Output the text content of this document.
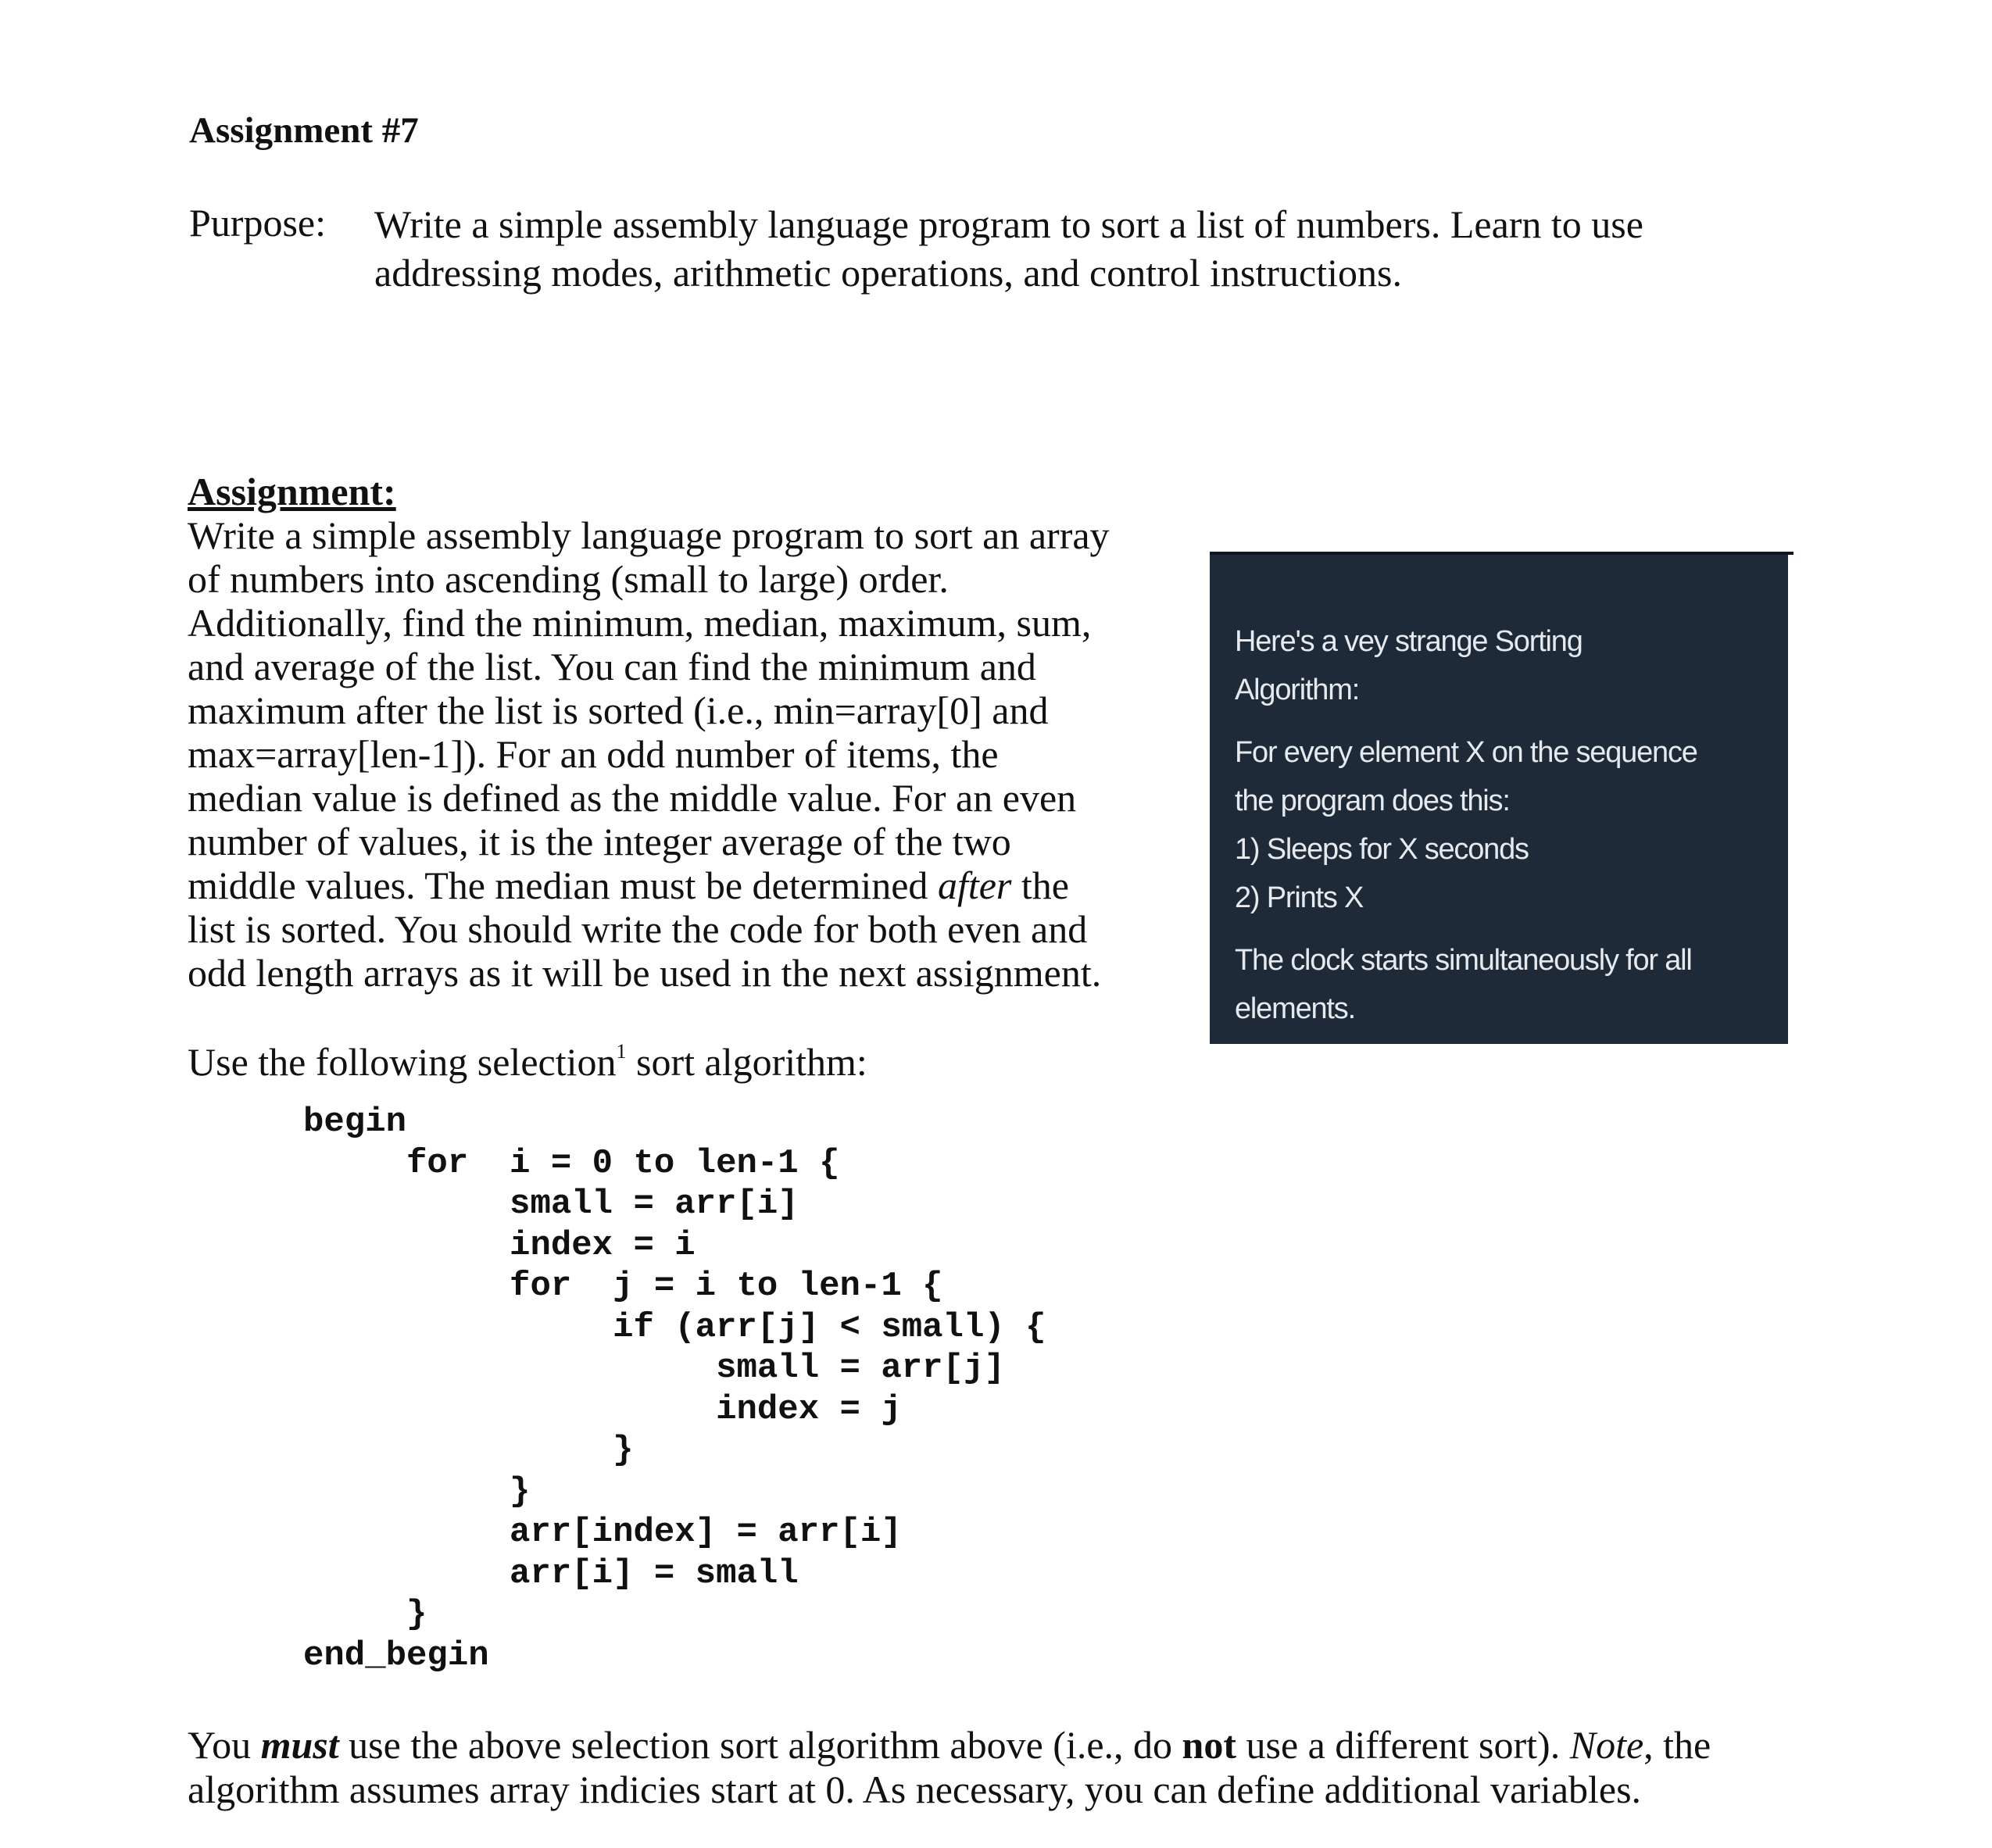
Assignment #7
Purpose: Write a simple assembly language program to sort a list of numbers. Learn to use
addressing modes, arithmetic operations, and control instructions.
Assignment:
Write a simple assembly language program to sort an array
of numbers into ascending (small to large) order.
Additionally, find the minimum, median, maximum, sum,
and average of the list. You can find the minimum and
maximum after the list is sorted (i.e., min=array[0] and
max=array[len-1]). For an odd number of items, the
median value is defined as the middle value. For an even
number of values, it is the integer average of the two
middle values. The median must be determined after the
list is sorted. You should write the code for both even and
odd length arrays as it will be used in the next assignment.
Use the following selection$^1$ sort algorithm:
begin
for  i = 0 to len-1 {
small = arr[i]
index = i
for  j = i to len-1 {
if (arr[j] < small) {
small = arr[j]
index = j
}
}
arr[index] = arr[i]
arr[i] = small
}
end_begin
You must use the above selection sort algorithm above (i.e., do not use a different sort). Note, the
algorithm assumes array indicies start at 0. As necessary, you can define additional variables.
Here's a vey strange Sorting
Algorithm:
For every element X on the sequence
the program does this:
1) Sleeps for X seconds
2) Prints X
The clock starts simultaneously for all
elements.
